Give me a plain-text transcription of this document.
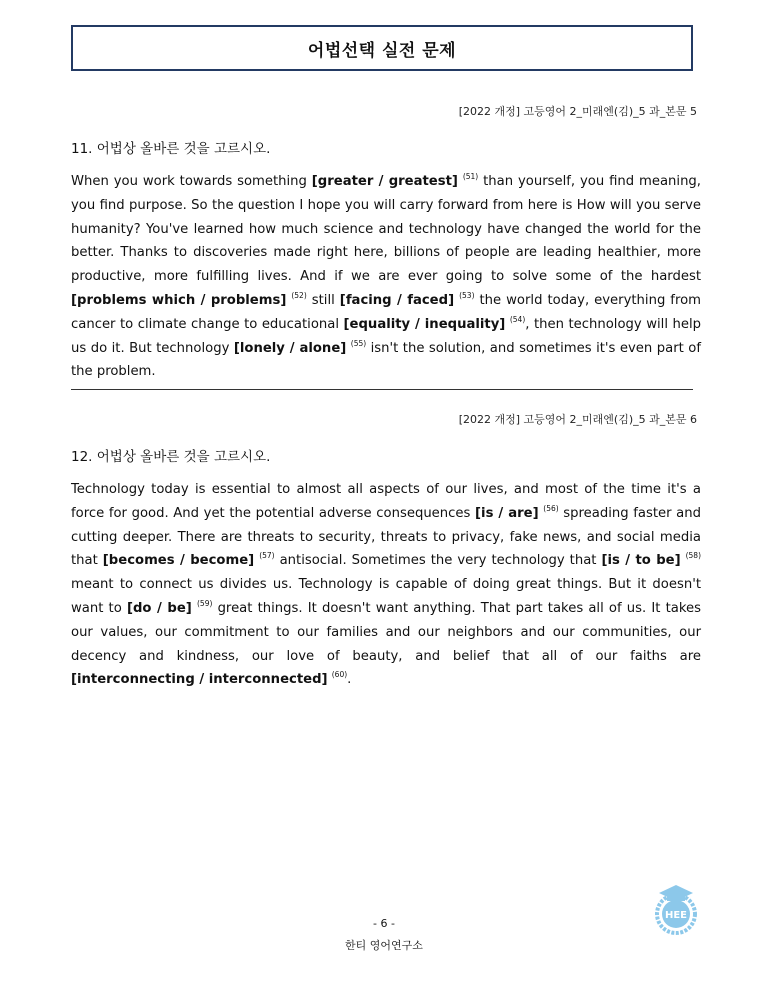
어법선택 실전 문제
[2022 개정] 고등영어 2_미래엔(김)_5 과_본문 5
11. 어법상 올바른 것을 고르시오.
When you work towards something [greater / greatest] $^{(51)}$ than yourself, you find meaning, you find purpose. So the question I hope you will carry forward from here is How will you serve humanity? You've learned how much science and technology have changed the world for the better. Thanks to discoveries made right here, billions of people are leading healthier, more productive, more fulfilling lives. And if we are ever going to solve some of the hardest [problems which / problems] $^{(52)}$ still [facing / faced] $^{(53)}$ the world today, everything from cancer to climate change to educational [equality / inequality] $^{(54)}$, then technology will help us do it. But technology [lonely / alone] $^{(55)}$ isn't the solution, and sometimes it's even part of the problem.
[2022 개정] 고등영어 2_미래엔(김)_5 과_본문 6
12. 어법상 올바른 것을 고르시오.
Technology today is essential to almost all aspects of our lives, and most of the time it's a force for good. And yet the potential adverse consequences [is / are] $^{(56)}$ spreading faster and cutting deeper. There are threats to security, threats to privacy, fake news, and social media that [becomes / become] $^{(57)}$ antisocial. Sometimes the very technology that [is / to be] $^{(58)}$ meant to connect us divides us. Technology is capable of doing great things. But it doesn't want to [do / be] $^{(59)}$ great things. It doesn't want anything. That part takes all of us. It takes our values, our commitment to our families and our neighbors and our communities, our decency and kindness, our love of beauty, and belief that all of our faiths are [interconnecting / interconnected] $^{(60)}$.
- 6 -
한티 영어연구소
HEE
